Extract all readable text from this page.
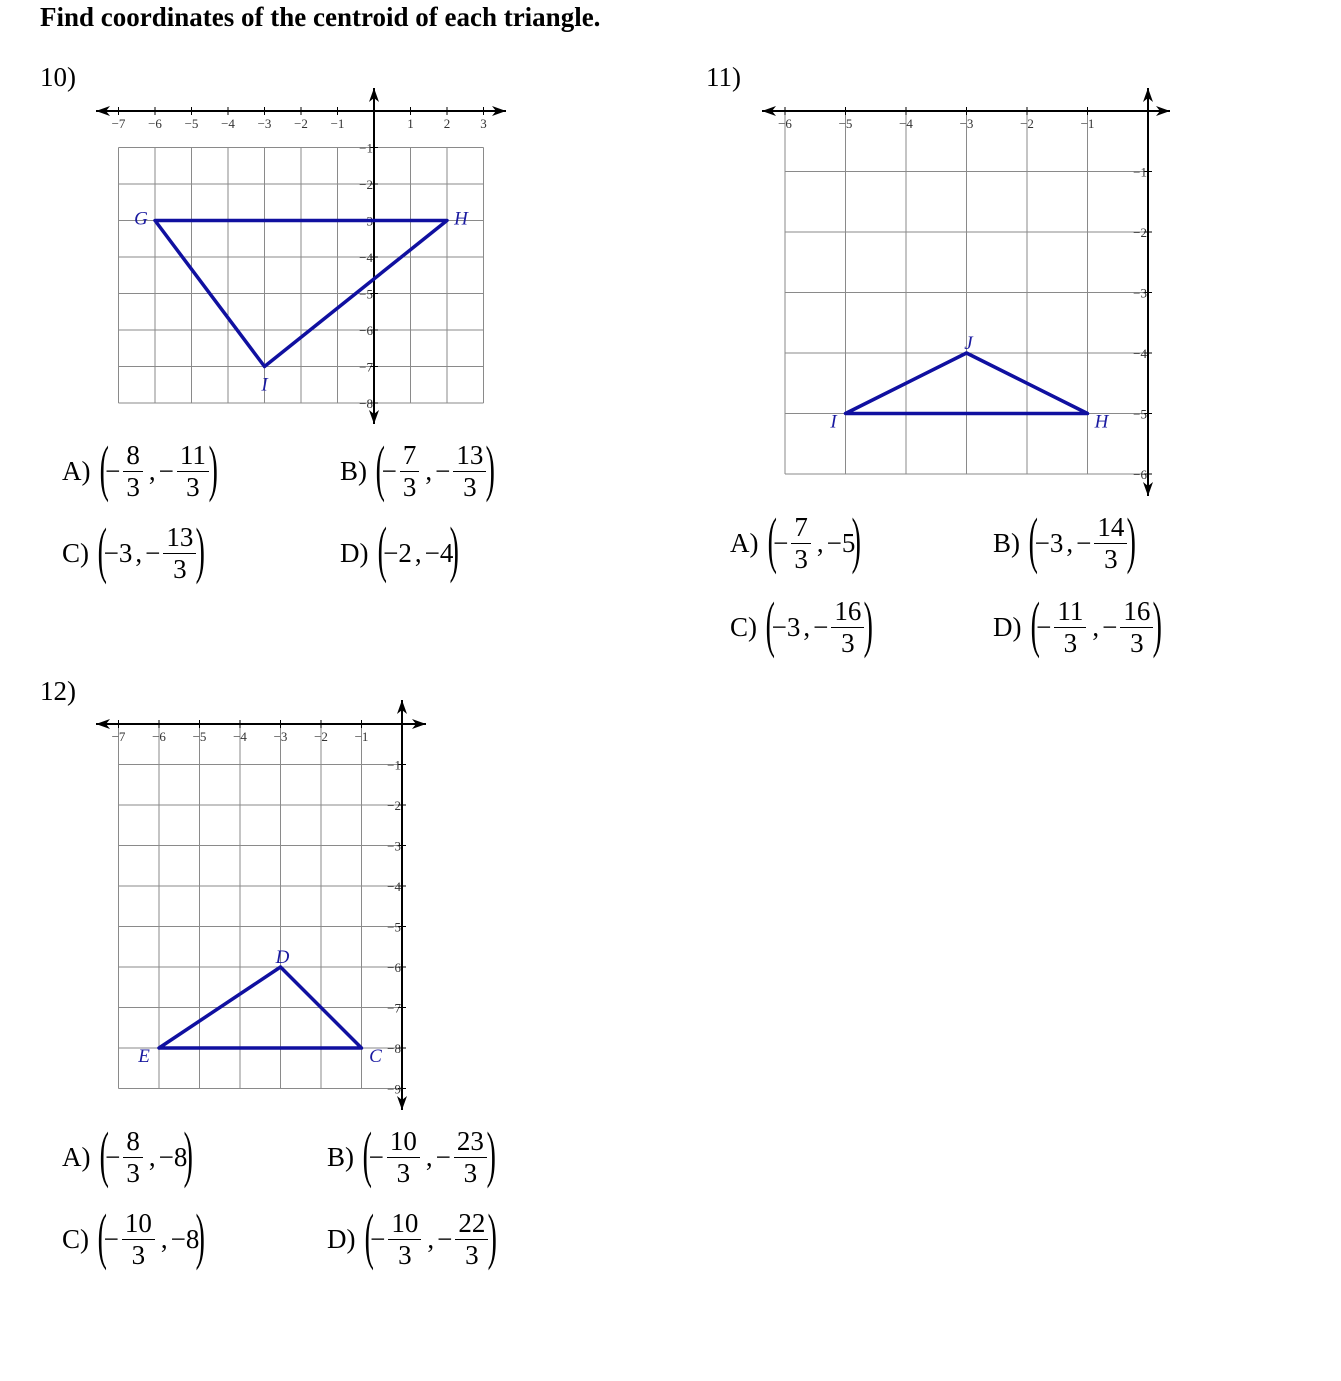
Find coordinates of the centroid of each triangle.
10)	11)
12)
−7 −6 −5 −4 −3 −2 −1	1 2 3
−1
−2
−3
−4
−5
−6
−7
−8
G	H
I
−6	−5	−4	−3	−2	−1
−1
−2
−3
−4
−5
−6
I	H
J
−7 −6 −5 −4 −3 −2 −1
−1
−2
−3
−4
−5
−6
−7
−8
−9
E	C
D
A) (
− $\frac{8}{3}$ , − $\frac{11}{3}$ )	B) (
− $\frac{7}{3}$ , − $\frac{13}{3}$ )
C) (
−3 , − $\frac{13}{3}$ )	D) (
−2 , −4
)	A) (
− $\frac{7}{3}$ , −5
)	B) (
−3 , − $\frac{14}{3}$ )
C) (
−3 , − $\frac{16}{3}$ )	D) (
− $\frac{11}{3}$ , − $\frac{16}{3}$ )
A) (
− $\frac{8}{3}$ , −8
)	B) (
− $\frac{10}{3}$ , − $\frac{23}{3}$ )
C) (
− $\frac{10}{3}$ , −8
)	D) (
− $\frac{10}{3}$ , − $\frac{22}{3}$ )
